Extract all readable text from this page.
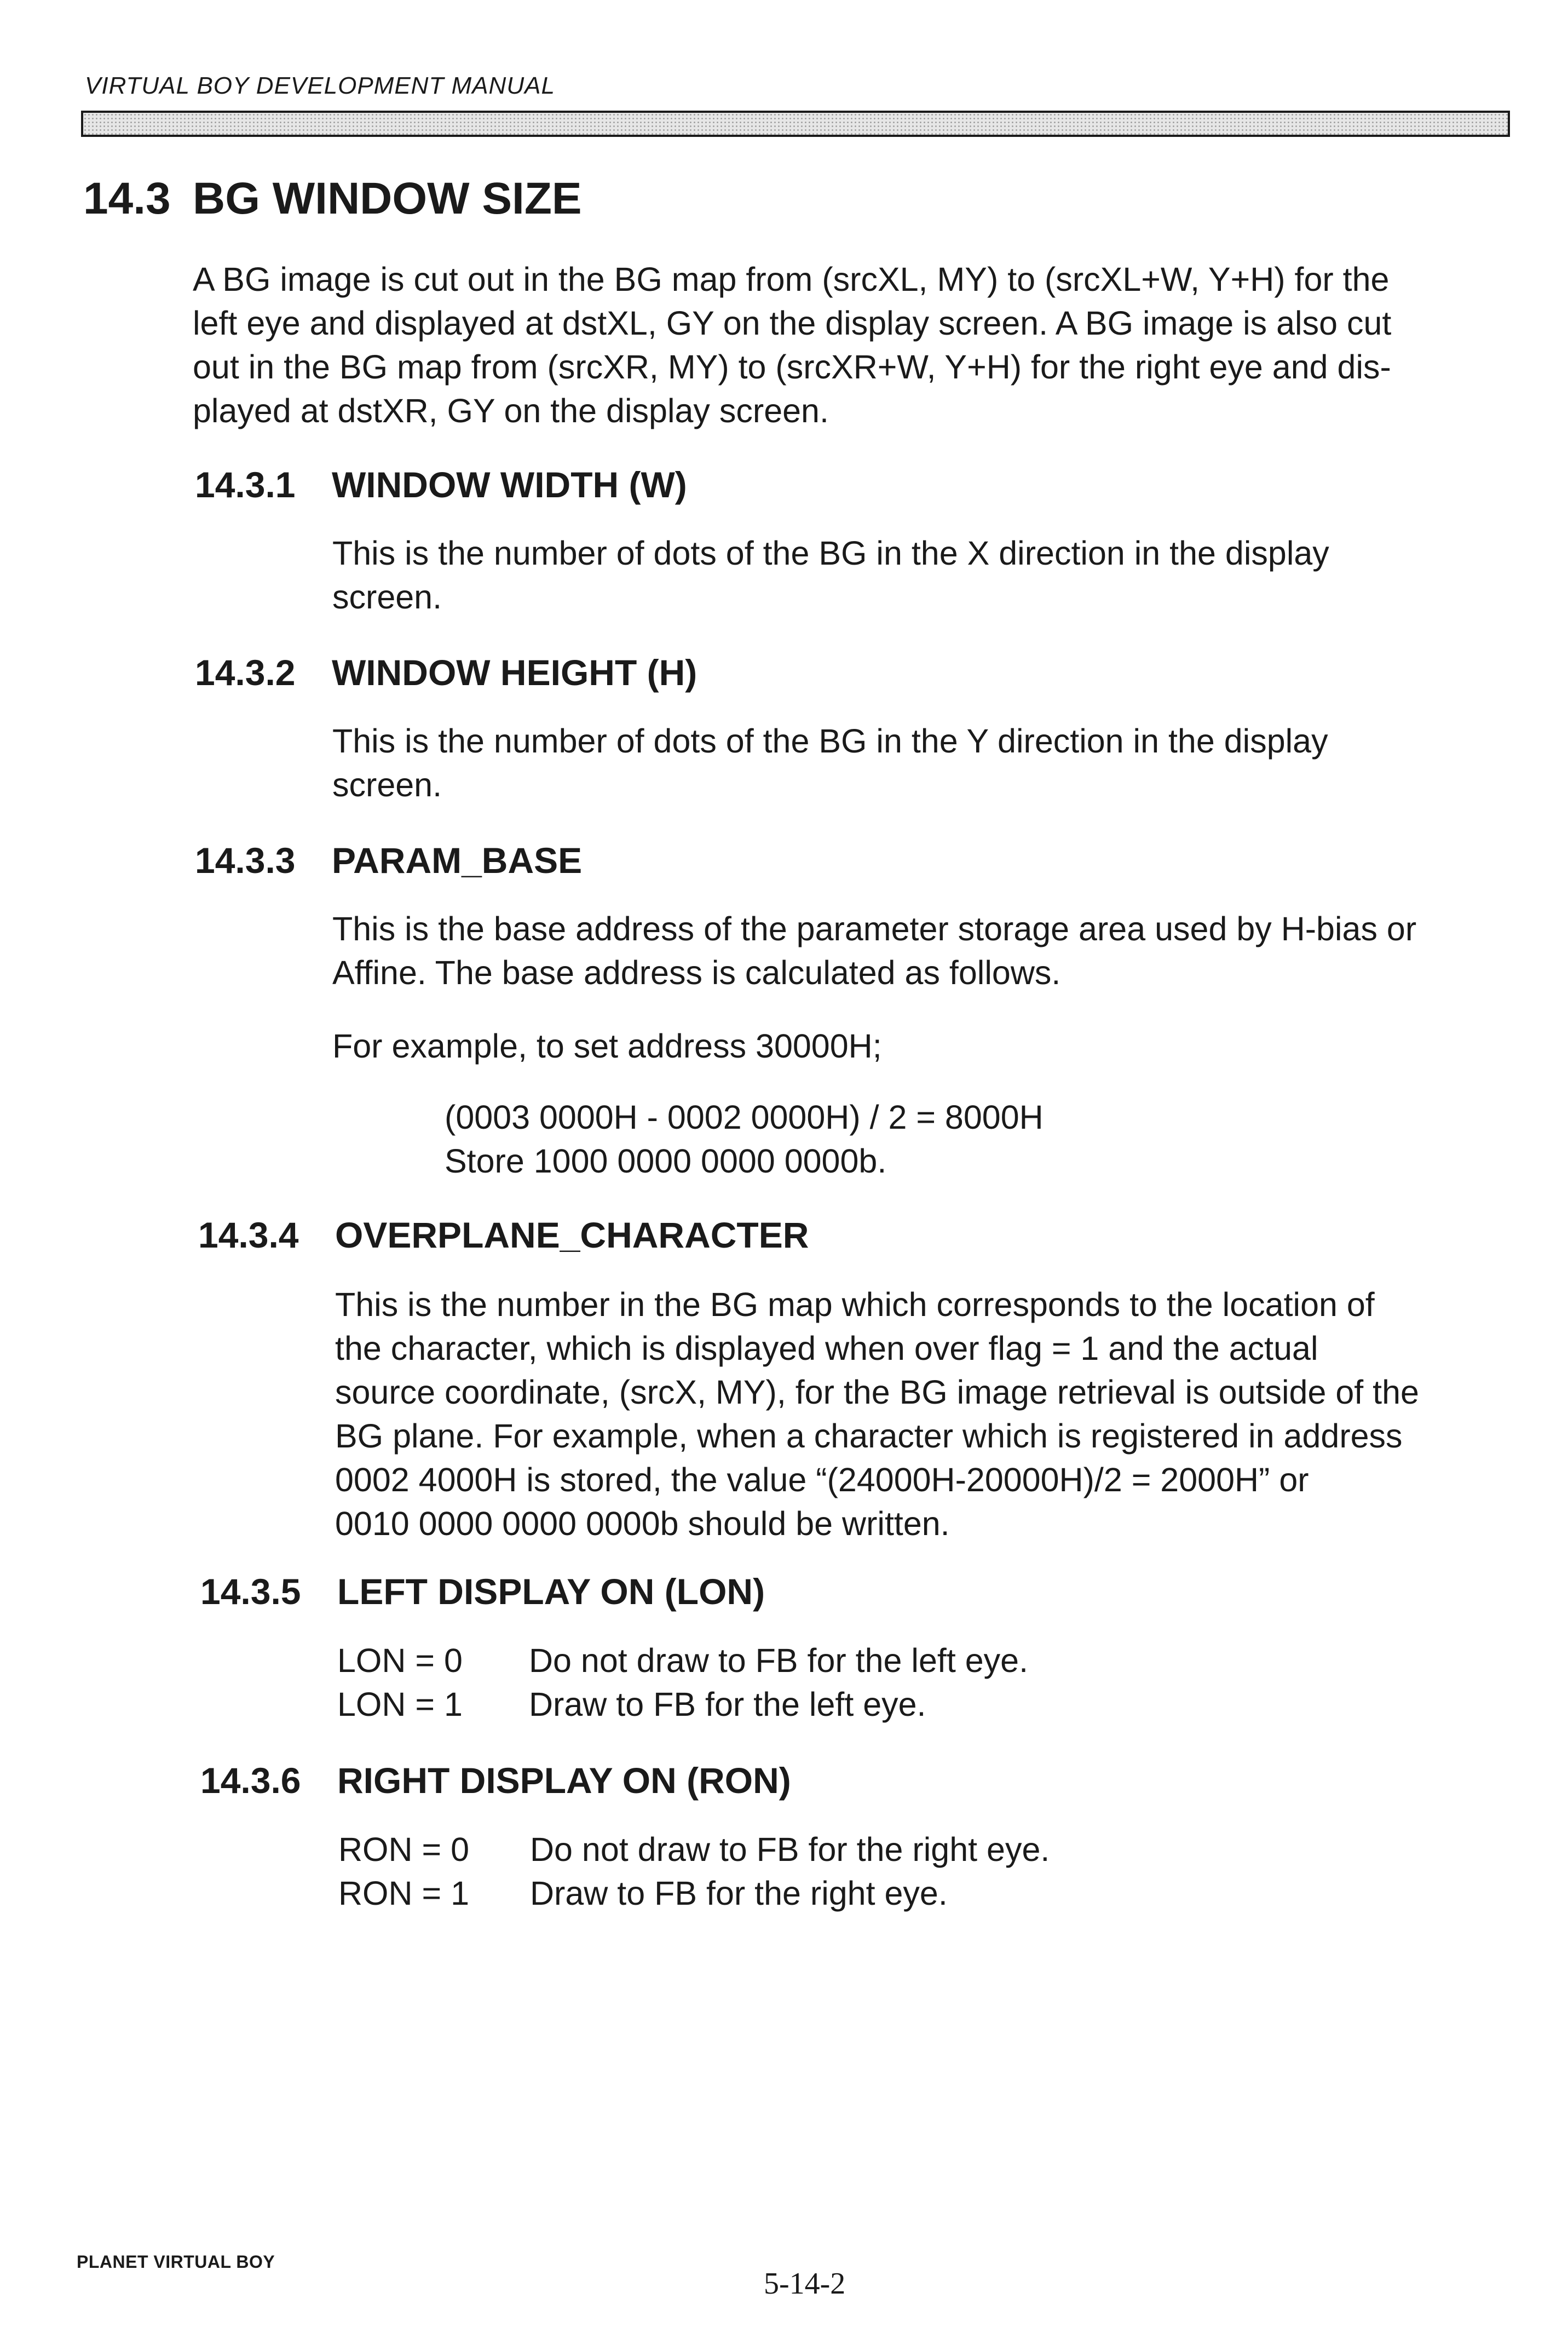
VIRTUAL BOY DEVELOPMENT MANUAL
14.3 BG WINDOW SIZE

A BG image is cut out in the BG map from (srcXL, MY) to (srcXL+W, Y+H) for the
left eye and displayed at dstXL, GY on the display screen. A BG image is also cut
out in the BG map from (srcXR, MY) to (srcXR+W, Y+H) for the right eye and dis-
played at dstXR, GY on the display screen.

14.3.1 WINDOW WIDTH (W)

This is the number of dots of the BG in the X direction in the display
screen.

14.3.2 WINDOW HEIGHT (H)

This is the number of dots of the BG in the Y direction in the display
screen.

14.3.3 PARAM_BASE

This is the base address of the parameter storage area used by H-bias or
Affine. The base address is calculated as follows.

For example, to set address 30000H;

(0003 0000H - 0002 0000H) / 2 = 8000H
Store 1000 0000 0000 0000b.

14.3.4 OVERPLANE_CHARACTER

This is the number in the BG map which corresponds to the location of
the character, which is displayed when over flag = 1 and the actual
source coordinate, (srcX, MY), for the BG image retrieval is outside of the
BG plane. For example, when a character which is registered in address
0002 4000H is stored, the value “(24000H-20000H)/2 = 2000H” or
0010 0000 0000 0000b should be written.

14.3.5 LEFT DISPLAY ON (LON)

LON = 0 Do not draw to FB for the left eye.
LON = 1 Draw to FB for the left eye.

14.3.6 RIGHT DISPLAY ON (RON)

RON = 0 Do not draw to FB for the right eye.
RON = 1 Draw to FB for the right eye.

PLANET VIRTUAL BOY
5-14-2
